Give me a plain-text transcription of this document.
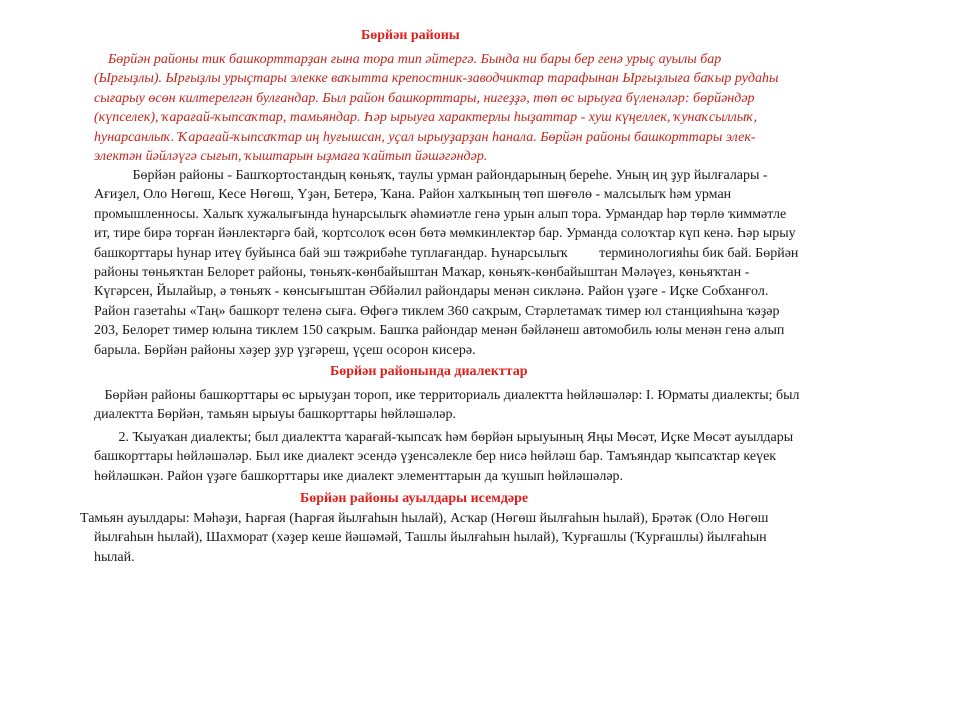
Бөрйән районы
Бөрйән районы тик башкорттарҙан ғына тора тип әйтергә. Бында ни бары бер генә урыҫ ауылы бар
(Ырғыҙлы). Ырғыҙлы урыҫтары элекке ваҡытта крепостник-заводчиктар тарафынан Ырғыҙлыға баҡыр рудаһы
сығарыу өсөн килтерелгән булғандар. Был район башкорттары, нигеҙҙә, төп өс ырыуға бүленәләр: бөрйәндәр
(күпселек), ҡарағай-ҡыпсаҡтар, тамьяндар. Һәр ырыуға характерлы һыҙаттар - хуш күңеллек, ҡунаҡсыллыҡ,
һунарсанлыҡ. Ҡарағай-ҡыпсаҡтар иң һуғышсан, уҫал ырыуҙарҙан һанала. Бөрйән районы башкорттары элек-
электән йәйләүгә сығып, ҡыштарын ыҙмаға ҡайтып йәшәгәндәр.
Бөрйән районы - Башҡортостандың көньяҡ, таулы урман райондарының береһе. Уның иң ҙур йылғалары -
Ағиҙел, Оло Нөгөш, Кесе Нөгөш, Үҙән, Бетерә, Ҡана. Район халҡының төп шөғөлө - малсылыҡ һәм урман
промышленносы. Халыҡ хужалығында һунарсылыҡ әһәмиәтле генә урын алып тора. Урмандар һәр төрлө ҡиммәтле
ит, тире бирә торған йәнлектәргә бай, ҡортсолоҡ өсөн бөтә мөмкинлектәр бар. Урманда солоҡтар күп кенә. Һәр ырыу
башкорттары һунар итеү буйынса бай эш тәжрибәһе туплағандар. Һунарсылыҡ         терминологияһы бик бай. Бөрйән
районы төньяҡтан Белорет районы, төньяҡ-көнбайыштан Маҡар, көньяҡ-көнбайыштан Мәләүез, көньяҡтан -
Күгәрсен, Йылайыр, ә төньяҡ - көнсығыштан Әбйәлил райондары менән сикләнә. Район үҙәге - Иҫке Собханғол.
Район газетаһы «Таң» башкорт теленә сыға. Өфөгә тиклем 360 саҡрым, Стәрлетамаҡ тимер юл станцияһына ҡәҙәр
203, Белорет тимер юлына тиклем 150 саҡрым. Башҡа райондар менән бәйләнеш автомобиль юлы менән генә алып
барыла. Бөрйән районы хәҙер ҙур үҙгәреш, үҫеш осорон кисерә.
Бөрйән районында диалекттар
Бөрйән районы башкорттары өс ырыуҙан тороп, ике территориаль диалектта һөйләшәләр: I. Юрматы диалекты; был
диалектта Бөрйән, тамьян ырыуы башкорттары һөйләшәләр.
2. Ҡыуаҡан диалекты; был диалектта ҡарағай-ҡыпсаҡ һәм бөрйән ырыуының Яңы Мөсәт, Иҫке Мөсәт ауылдары
башкорттары һөйләшәләр. Был ике диалект эсендә үҙенсәлекле бер нисә һөйләш бар. Тамъяндар ҡыпсаҡтар кеүек
һөйләшкән. Район үҙәге башкорттары ике диалект элементтарын да ҡушып һөйләшәләр.
Бөрйән районы ауылдары исемдәре
Тамьян ауылдары: Мәһәҙи, Һарғая (Һарғая йылғаһын һылай), Асҡар (Нөгөш йылғаһын һылай), Брәтәк (Оло Нөгөш
йылғаһын һылай), Шахморат (хәҙер кеше йәшәмәй, Ташлы йылғаһын һылай), Ҡурғашлы (Ҡурғашлы) йылғаһын
һылай.
